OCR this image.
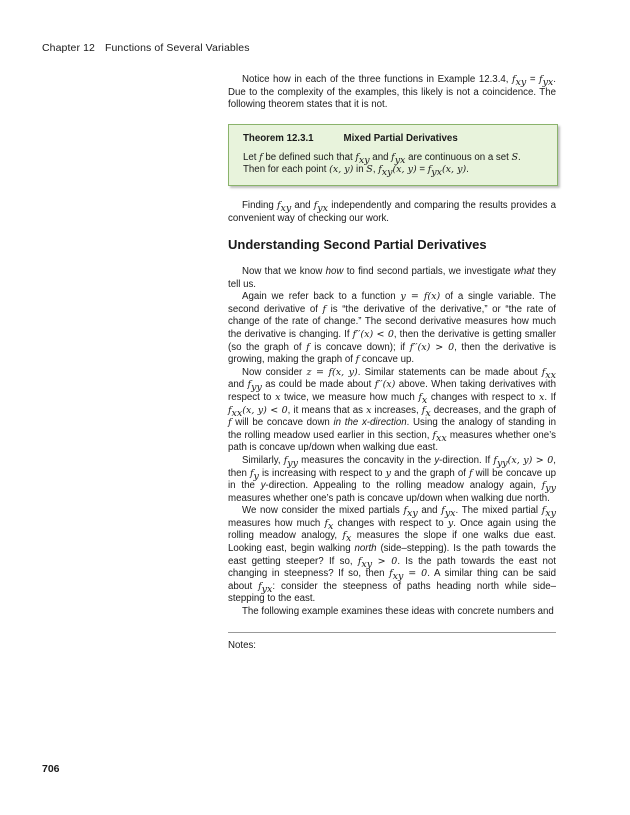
Chapter 12 Functions of Several Variables

Notice how in each of the three functions in Example 12.3.4, $f_{xy} = f_{yx}$. Due to the complexity of the examples, this likely is not a coincidence. The following theorem states that it is not.

Theorem 12.3.1	Mixed Partial Derivatives
Let f be defined such that $f_{xy}$ and $f_{yx}$ are continuous on a set S. Then for each point (x, y) in S, $f_{xy}(x$, $y) = f_{yx}(x$, y).

Finding $f_{xy}$ and $f_{yx}$ independently and comparing the results provides a convenient way of checking our work.

Understanding Second Partial Derivatives

Now that we know how to find second partials, we investigate what they tell us.

Again we refer back to a function y = f(x) of a single variable. The second derivative of f is “the derivative of the derivative,” or “the rate of change of the rate of change.” The second derivative measures how much the derivative is changing. If f′′(x) < 0, then the derivative is getting smaller (so the graph of f is concave down); if f′′(x) > 0, then the derivative is growing, making the graph of f concave up.

Now consider z = f(x, y). Similar statements can be made about $f_{xx}$ and $f_{yy}$ as could be made about f′′(x) above. When taking derivatives with respect to x twice, we measure how much $f_x$ changes with respect to x. If $f_{xx}(x$, y) < 0, it means that as x increases, $f_x$ decreases, and the graph of f will be concave down in the x-direction. Using the analogy of standing in the rolling meadow used earlier in this section, $f_{xx}$ measures whether one’s path is concave up/down when walking due east.

Similarly, $f_{yy}$ measures the concavity in the y-direction. If $f_{yy}(x$, y) > 0, then $f_y$ is increasing with respect to y and the graph of f will be concave up in the y-direction. Appealing to the rolling meadow analogy again, $f_{yy}$ measures whether one’s path is concave up/down when walking due north.

We now consider the mixed partials $f_{xy}$ and $f_{yx}$. The mixed partial $f_{xy}$ measures how much $f_x$ changes with respect to y. Once again using the rolling meadow analogy, $f_x$ measures the slope if one walks due east. Looking east, begin walking north (side–stepping). Is the path towards the east getting steeper? If so, $f_{xy} > 0$. Is the path towards the east not changing in steepness? If so, then $f_{xy} = 0$. A similar thing can be said about $f_{yx}$: consider the steepness of paths heading north while side–stepping to the east.

The following example examines these ideas with concrete numbers and

Notes:
706
